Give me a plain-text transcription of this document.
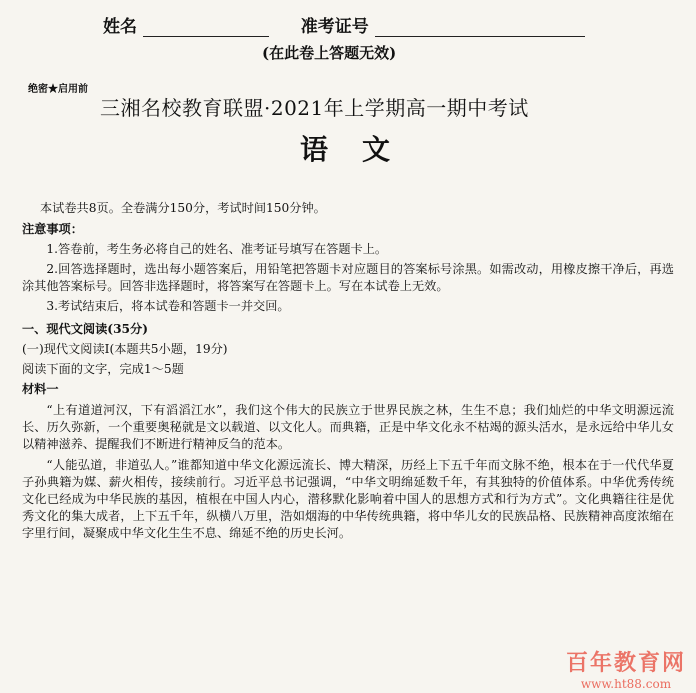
姓名	准考证号
(在此卷上答题无效)
绝密★启用前
三湘名校教育联盟·2021年上学期高一期中考试
语文

本试卷共8页。全卷满分150分，考试时间150分钟。

注意事项：

1.答卷前，考生务必将自己的姓名、准考证号填写在答题卡上。

2.回答选择题时，选出每小题答案后，用铅笔把答题卡对应题目的答案标号涂黑。如需改动，用橡皮擦干净后，再选涂其他答案标号。回答非选择题时，将答案写在答题卡上。写在本试卷上无效。

3.考试结束后，将本试卷和答题卡一并交回。

一、现代文阅读(35分)

(一)现代文阅读Ⅰ(本题共5小题，19分)

阅读下面的文字，完成1～5题

材料一

“上有道道河汉，下有滔滔江水”，我们这个伟大的民族立于世界民族之林，生生不息；我们灿烂的中华文明源远流长、历久弥新，一个重要奥秘就是文以载道、以文化人。而典籍，正是中华文化永不枯竭的源头活水，是永远给中华儿女以精神滋养、提醒我们不断进行精神反刍的范本。

“人能弘道，非道弘人。”谁都知道中华文化源远流长、博大精深，历经上下五千年而文脉不绝，根本在于一代代华夏子孙典籍为媒、薪火相传，接续前行。习近平总书记强调，“中华文明绵延数千年，有其独特的价值体系。中华优秀传统文化已经成为中华民族的基因，植根在中国人内心，潜移默化影响着中国人的思想方式和行为方式”。文化典籍往往是优秀文化的集大成者，上下五千年，纵横八万里，浩如烟海的中华传统典籍，将中华儿女的民族品格、民族精神高度浓缩在字里行间，凝聚成中华文化生生不息、绵延不绝的历史长河。

百年教育网
www.ht88.com
